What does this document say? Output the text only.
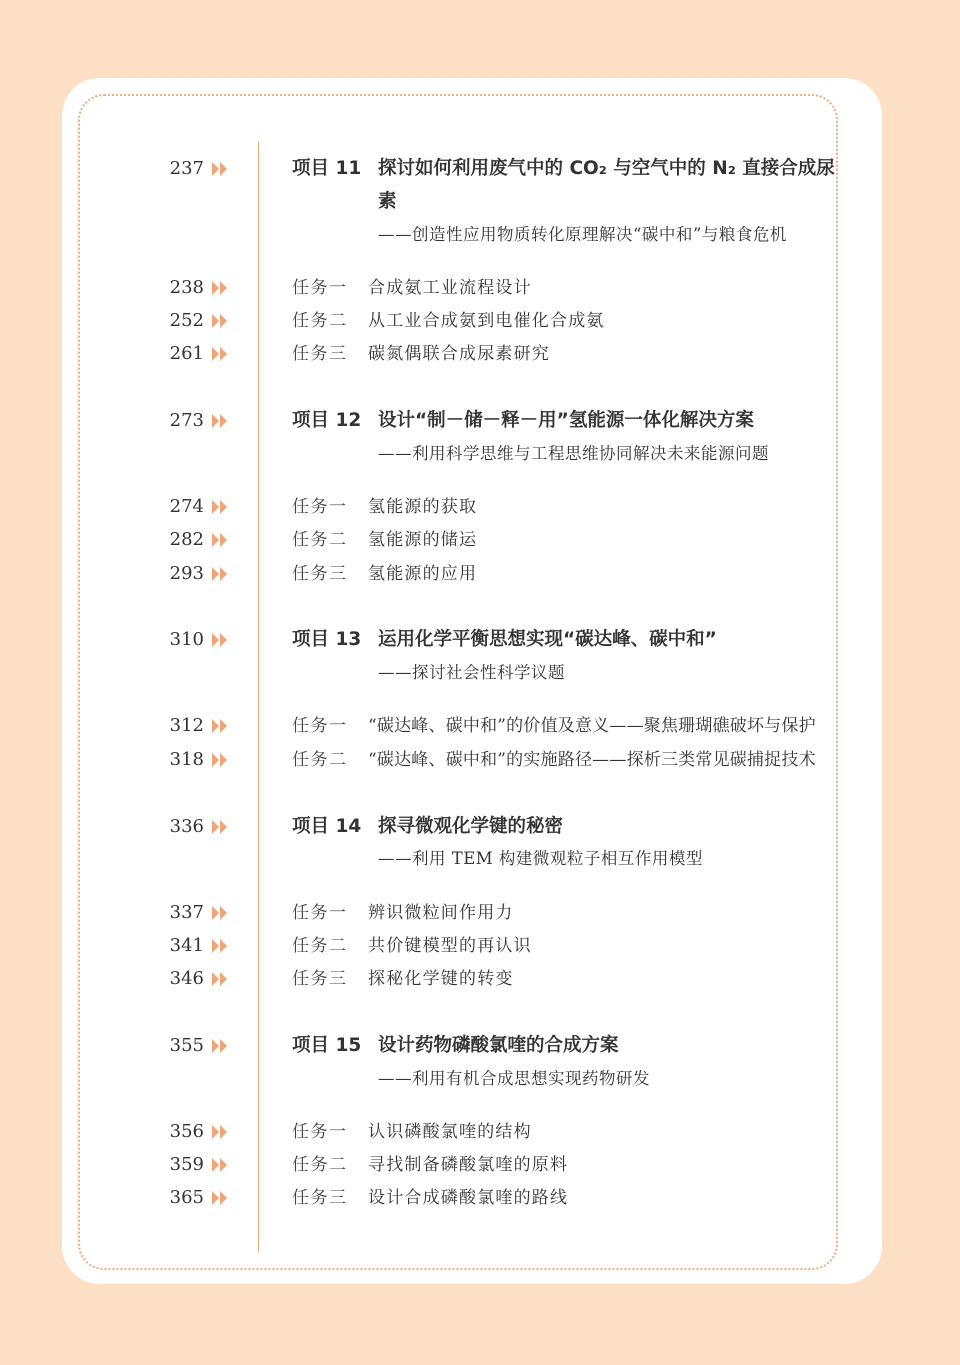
237	项目 11 探讨如何利用废气中的 CO₂ 与空气中的 N₂ 直接合成尿素
——创造性应用物质转化原理解决“碳中和”与粮食危机
238	任务一 合成氨工业流程设计
252	任务二 从工业合成氨到电催化合成氨
261	任务三 碳氮偶联合成尿素研究
273	项目 12 设计“制－储－释－用”氢能源一体化解决方案
——利用科学思维与工程思维协同解决未来能源问题
274	任务一 氢能源的获取
282	任务二 氢能源的储运
293	任务三 氢能源的应用
310	项目 13 运用化学平衡思想实现“碳达峰、碳中和”
——探讨社会性科学议题
312	任务一 “碳达峰、碳中和”的价值及意义——聚焦珊瑚礁破坏与保护
318	任务二 “碳达峰、碳中和”的实施路径——探析三类常见碳捕捉技术
336	项目 14 探寻微观化学键的秘密
——利用 TEM 构建微观粒子相互作用模型
337	任务一 辨识微粒间作用力
341	任务二 共价键模型的再认识
346	任务三 探秘化学键的转变
355	项目 15 设计药物磷酸氯喹的合成方案
——利用有机合成思想实现药物研发
356	任务一 认识磷酸氯喹的结构
359	任务二 寻找制备磷酸氯喹的原料
365	任务三 设计合成磷酸氯喹的路线
